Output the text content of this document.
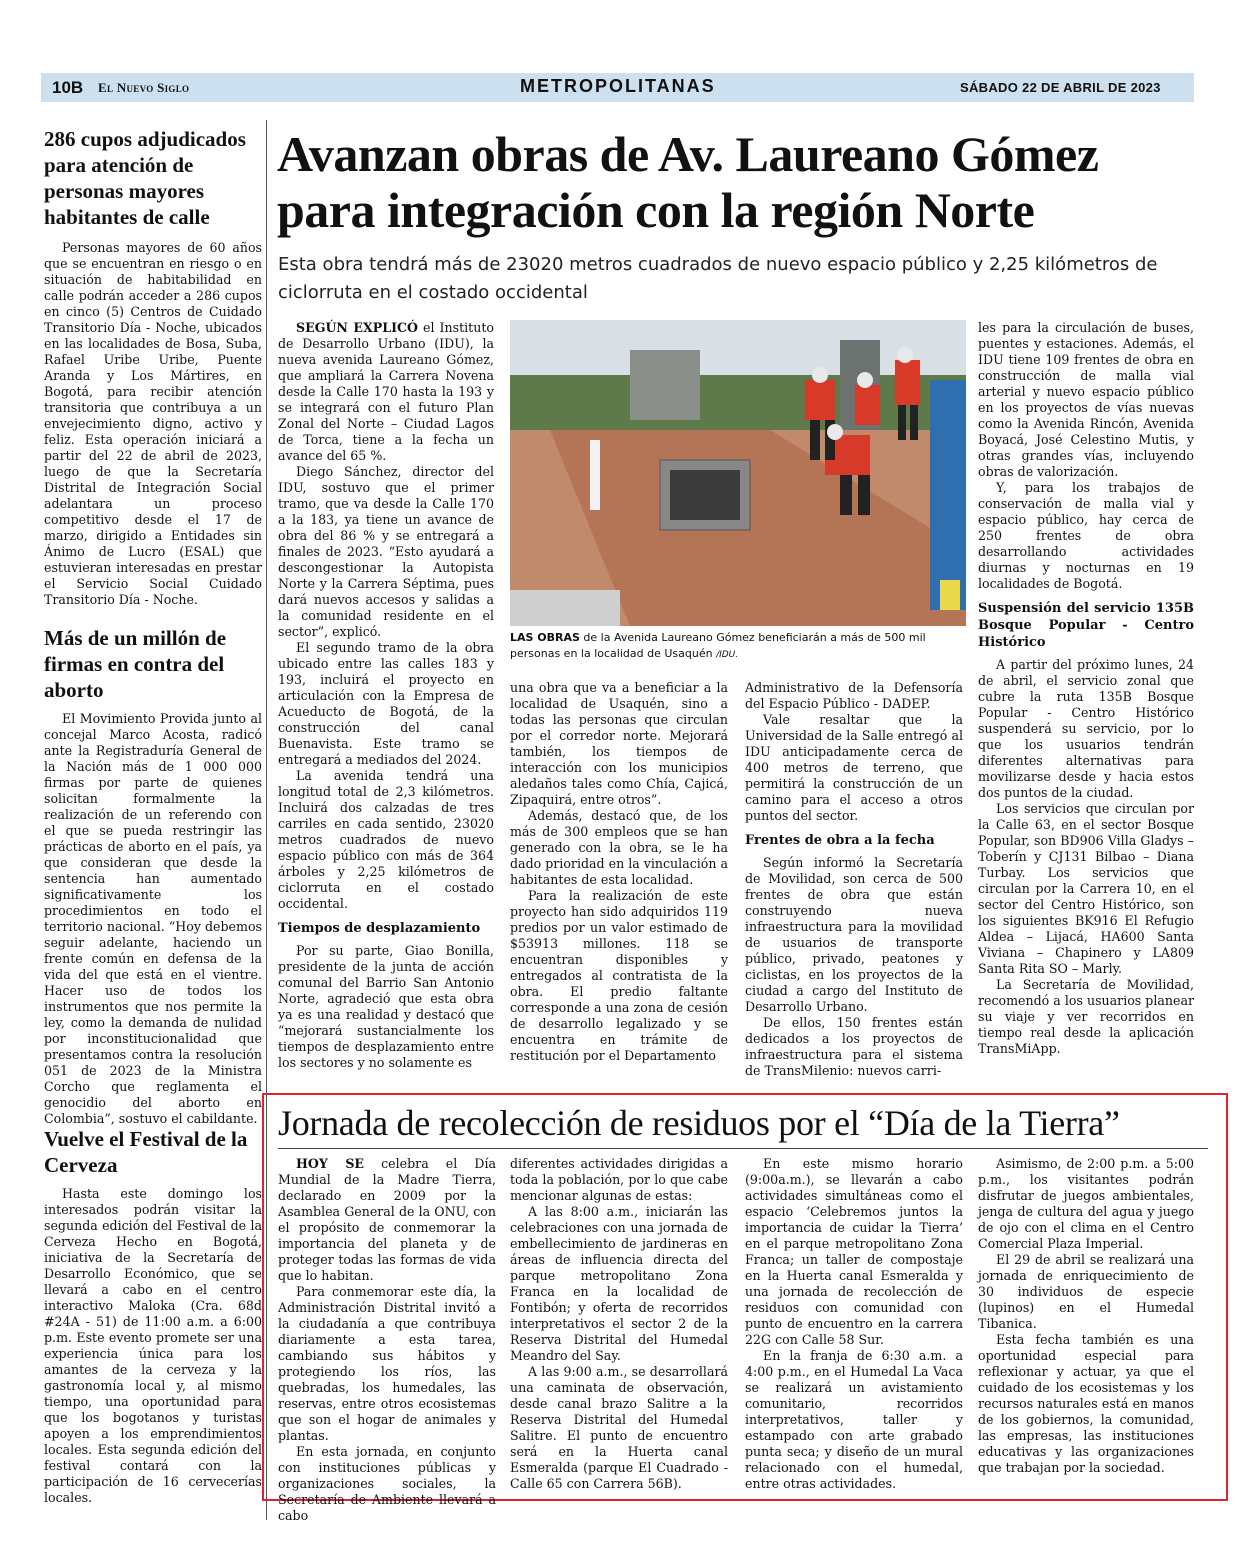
10B El Nuevo Siglo	METROPOLITANAS	SÁBADO 22 DE ABRIL DE 2023
286 cupos adjudicados para atención de personas mayores habitantes de calle

Personas mayores de 60 años que se encuentran en riesgo o en situación de habitabilidad en calle podrán acceder a 286 cupos en cinco (5) Centros de Cuidado Transitorio Día - Noche, ubicados en las localidades de Bosa, Suba, Rafael Uribe Uribe, Puente Aranda y Los Mártires, en Bogotá, para recibir atención transitoria que contribuya a un envejecimiento digno, activo y feliz. Esta operación iniciará a partir del 22 de abril de 2023, luego de que la Secretaría Distrital de Integración Social adelantara un proceso competitivo desde el 17 de marzo, dirigido a Entidades sin Ánimo de Lucro (ESAL) que estuvieran interesadas en prestar el Servicio Social Cuidado Transitorio Día - Noche.

Más de un millón de firmas en contra del aborto

El Movimiento Provida junto al concejal Marco Acosta, radicó ante la Registraduría General de la Nación más de 1 000 000 firmas por parte de quienes solicitan formalmente la realización de un referendo con el que se pueda restringir las prácticas de aborto en el país, ya que consideran que desde la sentencia han aumentado significativamente los procedimientos en todo el territorio nacional. “Hoy debemos seguir adelante, haciendo un frente común en defensa de la vida del que está en el vientre. Hacer uso de todos los instrumentos que nos permite la ley, como la demanda de nulidad por inconstitucionalidad que presentamos contra la resolución 051 de 2023 de la Ministra Corcho que reglamenta el genocidio del aborto en Colombia”, sostuvo el cabildante.

Vuelve el Festival de la Cerveza

Hasta este domingo los interesados podrán visitar la segunda edición del Festival de la Cerveza Hecho en Bogotá, iniciativa de la Secretaría de Desarrollo Económico, que se llevará a cabo en el centro interactivo Maloka (Cra. 68d #24A - 51) de 11:00 a.m. a 6:00 p.m. Este evento promete ser una experiencia única para los amantes de la cerveza y la gastronomía local y, al mismo tiempo, una oportunidad para que los bogotanos y turistas apoyen a los emprendimientos locales. Esta segunda edición del festival contará con la participación de 16 cervecerías locales.

Avanzan obras de Av. Laureano Gómez para integración con la región Norte
Esta obra tendrá más de 23020 metros cuadrados de nuevo espacio público y 2,25 kilómetros de ciclorruta en el costado occidental

SEGÚN EXPLICÓ el Instituto de Desarrollo Urbano (IDU), la nueva avenida Laureano Gómez, que ampliará la Carrera Novena desde la Calle 170 hasta la 193 y se integrará con el futuro Plan Zonal del Norte – Ciudad Lagos de Torca, tiene a la fecha un avance del 65 %.

Diego Sánchez, director del IDU, sostuvo que el primer tramo, que va desde la Calle 170 a la 183, ya tiene un avance de obra del 86 % y se entregará a finales de 2023. “Esto ayudará a descongestionar la Autopista Norte y la Carrera Séptima, pues dará nuevos accesos y salidas a la comunidad residente en el sector”, explicó.

El segundo tramo de la obra ubicado entre las calles 183 y 193, incluirá el proyecto en articulación con la Empresa de Acueducto de Bogotá, de la construcción del canal Buenavista. Este tramo se entregará a mediados del 2024.

La avenida tendrá una longitud total de 2,3 kilómetros. Incluirá dos calzadas de tres carriles en cada sentido, 23020 metros cuadrados de nuevo espacio público con más de 364 árboles y 2,25 kilómetros de ciclorruta en el costado occidental.

Tiempos de desplazamiento

Por su parte, Giao Bonilla, presidente de la junta de acción comunal del Barrio San Antonio Norte, agradeció que esta obra ya es una realidad y destacó que “mejorará sustancialmente los tiempos de desplazamiento entre los sectores y no solamente es

LAS OBRAS de la Avenida Laureano Gómez beneficiarán a más de 500 mil personas en la localidad de Usaquén /IDU.

una obra que va a beneficiar a la localidad de Usaquén, sino a todas las personas que circulan por el corredor norte. Mejorará también, los tiempos de interacción con los municipios aledaños tales como Chía, Cajicá, Zipaquirá, entre otros”.

Además, destacó que, de los más de 300 empleos que se han generado con la obra, se le ha dado prioridad en la vinculación a habitantes de esta localidad.

Para la realización de este proyecto han sido adquiridos 119 predios por un valor estimado de $53913 millones. 118 se encuentran disponibles y entregados al contratista de la obra. El predio faltante corresponde a una zona de cesión de desarrollo legalizado y se encuentra en trámite de restitución por el Departamento

Administrativo de la Defensoría del Espacio Público - DADEP.

Vale resaltar que la Universidad de la Salle entregó al IDU anticipadamente cerca de 400 metros de terreno, que permitirá la construcción de un camino para el acceso a otros puntos del sector.

Frentes de obra a la fecha

Según informó la Secretaría de Movilidad, son cerca de 500 frentes de obra que están construyendo nueva infraestructura para la movilidad de usuarios de transporte público, privado, peatones y ciclistas, en los proyectos de la ciudad a cargo del Instituto de Desarrollo Urbano.

De ellos, 150 frentes están dedicados a los proyectos de infraestructura para el sistema de TransMilenio: nuevos carri-

les para la circulación de buses, puentes y estaciones. Además, el IDU tiene 109 frentes de obra en construcción de malla vial arterial y nuevo espacio público en los proyectos de vías nuevas como la Avenida Rincón, Avenida Boyacá, José Celestino Mutis, y otras grandes vías, incluyendo obras de valorización.

Y, para los trabajos de conservación de malla vial y espacio público, hay cerca de 250 frentes de obra desarrollando actividades diurnas y nocturnas en 19 localidades de Bogotá.

Suspensión del servicio 135B Bosque Popular - Centro Histórico

A partir del próximo lunes, 24 de abril, el servicio zonal que cubre la ruta 135B Bosque Popular - Centro Histórico suspenderá su servicio, por lo que los usuarios tendrán diferentes alternativas para movilizarse desde y hacia estos dos puntos de la ciudad.

Los servicios que circulan por la Calle 63, en el sector Bosque Popular, son BD906 Villa Gladys – Toberín y CJ131 Bilbao – Diana Turbay. Los servicios que circulan por la Carrera 10, en el sector del Centro Histórico, son los siguientes BK916 El Refugio Aldea – Lijacá, HA600 Santa Viviana – Chapinero y LA809 Santa Rita SO – Marly.

La Secretaría de Movilidad, recomendó a los usuarios planear su viaje y ver recorridos en tiempo real desde la aplicación TransMiApp.

Jornada de recolección de residuos por el “Día de la Tierra”

HOY SE celebra el Día Mundial de la Madre Tierra, declarado en 2009 por la Asamblea General de la ONU, con el propósito de conmemorar la importancia del planeta y de proteger todas las formas de vida que lo habitan.

Para conmemorar este día, la Administración Distrital invitó a la ciudadanía a que contribuya diariamente a esta tarea, cambiando sus hábitos y protegiendo los ríos, las quebradas, los humedales, las reservas, entre otros ecosistemas que son el hogar de animales y plantas.

En esta jornada, en conjunto con instituciones públicas y organizaciones sociales, la Secretaría de Ambiente llevará a cabo

diferentes actividades dirigidas a toda la población, por lo que cabe mencionar algunas de estas:

A las 8:00 a.m., iniciarán las celebraciones con una jornada de embellecimiento de jardineras en áreas de influencia directa del parque metropolitano Zona Franca en la localidad de Fontibón; y oferta de recorridos interpretativos el sector 2 de la Reserva Distrital del Humedal Meandro del Say.

A las 9:00 a.m., se desarrollará una caminata de observación, desde canal brazo Salitre a la Reserva Distrital del Humedal Salitre. El punto de encuentro será en la Huerta canal Esmeralda (parque El Cuadrado - Calle 65 con Carrera 56B).

En este mismo horario (9:00a.m.), se llevarán a cabo actividades simultáneas como el espacio ‘Celebremos juntos la importancia de cuidar la Tierra’ en el parque metropolitano Zona Franca; un taller de compostaje en la Huerta canal Esmeralda y una jornada de recolección de residuos con comunidad con punto de encuentro en la carrera 22G con Calle 58 Sur.

En la franja de 6:30 a.m. a 4:00 p.m., en el Humedal La Vaca se realizará un avistamiento comunitario, recorridos interpretativos, taller y estampado con arte grabado punta seca; y diseño de un mural relacionado con el humedal, entre otras actividades.

Asimismo, de 2:00 p.m. a 5:00 p.m., los visitantes podrán disfrutar de juegos ambientales, jenga de cultura del agua y juego de ojo con el clima en el Centro Comercial Plaza Imperial.

El 29 de abril se realizará una jornada de enriquecimiento de 30 individuos de especie (lupinos) en el Humedal Tibanica.

Esta fecha también es una oportunidad especial para reflexionar y actuar, ya que el cuidado de los ecosistemas y los recursos naturales está en manos de los gobiernos, la comunidad, las empresas, las instituciones educativas y las organizaciones que trabajan por la sociedad.
